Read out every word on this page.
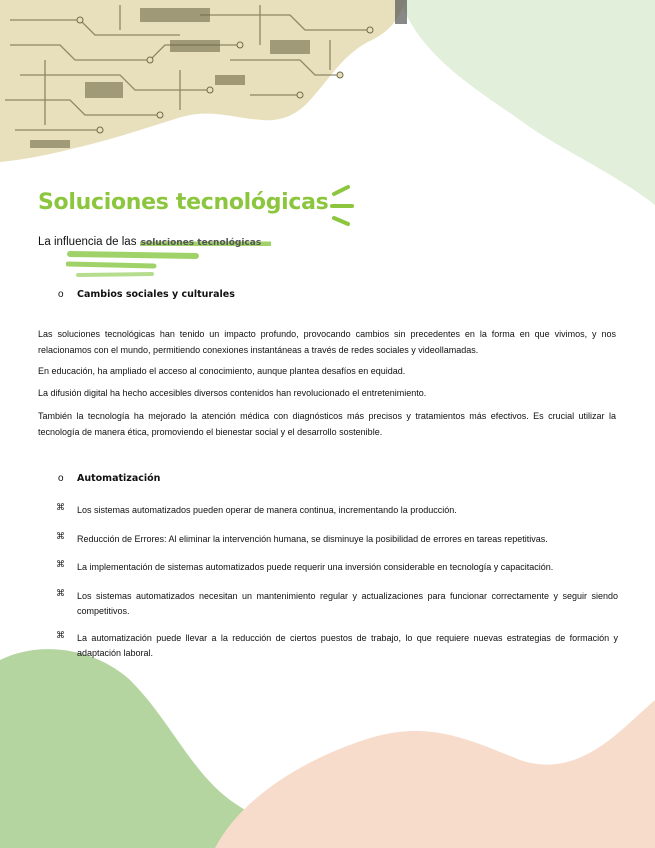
Soluciones tecnológicas
La influencia de las soluciones tecnológicas
o Cambios sociales y culturales

Las soluciones tecnológicas han tenido un impacto profundo, provocando cambios sin precedentes en la forma en que vivimos, y nos relacionamos con el mundo, permitiendo conexiones instantáneas a través de redes sociales y videollamadas.

En educación, ha ampliado el acceso al conocimiento, aunque plantea desafíos en equidad.

La difusión digital ha hecho accesibles diversos contenidos han revolucionado el entretenimiento.

También la tecnología ha mejorado la atención médica con diagnósticos más precisos y tratamientos más efectivos. Es crucial utilizar la tecnología de manera ética, promoviendo el bienestar social y el desarrollo sostenible.

o Automatización
⌘ Los sistemas automatizados pueden operar de manera continua, incrementando la producción.
⌘ Reducción de Errores: Al eliminar la intervención humana, se disminuye la posibilidad de errores en tareas repetitivas.
⌘ La implementación de sistemas automatizados puede requerir una inversión considerable en tecnología y capacitación.
⌘ Los sistemas automatizados necesitan un mantenimiento regular y actualizaciones para funcionar correctamente y seguir siendo competitivos.
⌘ La automatización puede llevar a la reducción de ciertos puestos de trabajo, lo que requiere nuevas estrategias de formación y adaptación laboral.
